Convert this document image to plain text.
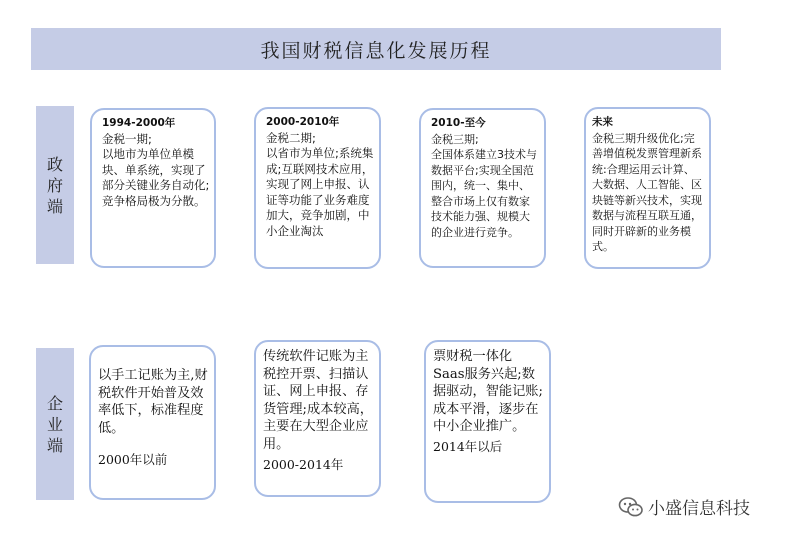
我国财税信息化发展历程
政
府
端
企
业
端
1994-2000年
金税一期;
以地市为单位单模块、单系统，实现了部分关键业务自动化;竞争格局极为分散。
2000-2010年
金税二期;
以省市为单位;系统集成;互联网技术应用，实现了网上申报、认证等功能了业务难度加大，竞争加剧，中小企业淘汰
2010-至今
金税三期;
全国体系建立3技术与数据平台;实现全国范围内，统一、集中、整合市场上仅有数家技术能力强、规模大的企业进行竞争。
未来
金税三期升级优化;完善增值税发票管理新系统:合理运用云计算、大数据、人工智能、区块链等新兴技术，实现数据与流程互联互通，同时开辟新的业务模式。
以手工记账为主,财税软件开始普及效率低下，标准程度低。
2000年以前
传统软件记账为主税控开票、扫描认证、网上申报、存货管理;成本较高，主要在大型企业应用。
2000-2014年
票财税一体化Saas服务兴起;数据驱动，智能记账;成本平滑，逐步在中小企业推广。
2014年以后
小盛信息科技
